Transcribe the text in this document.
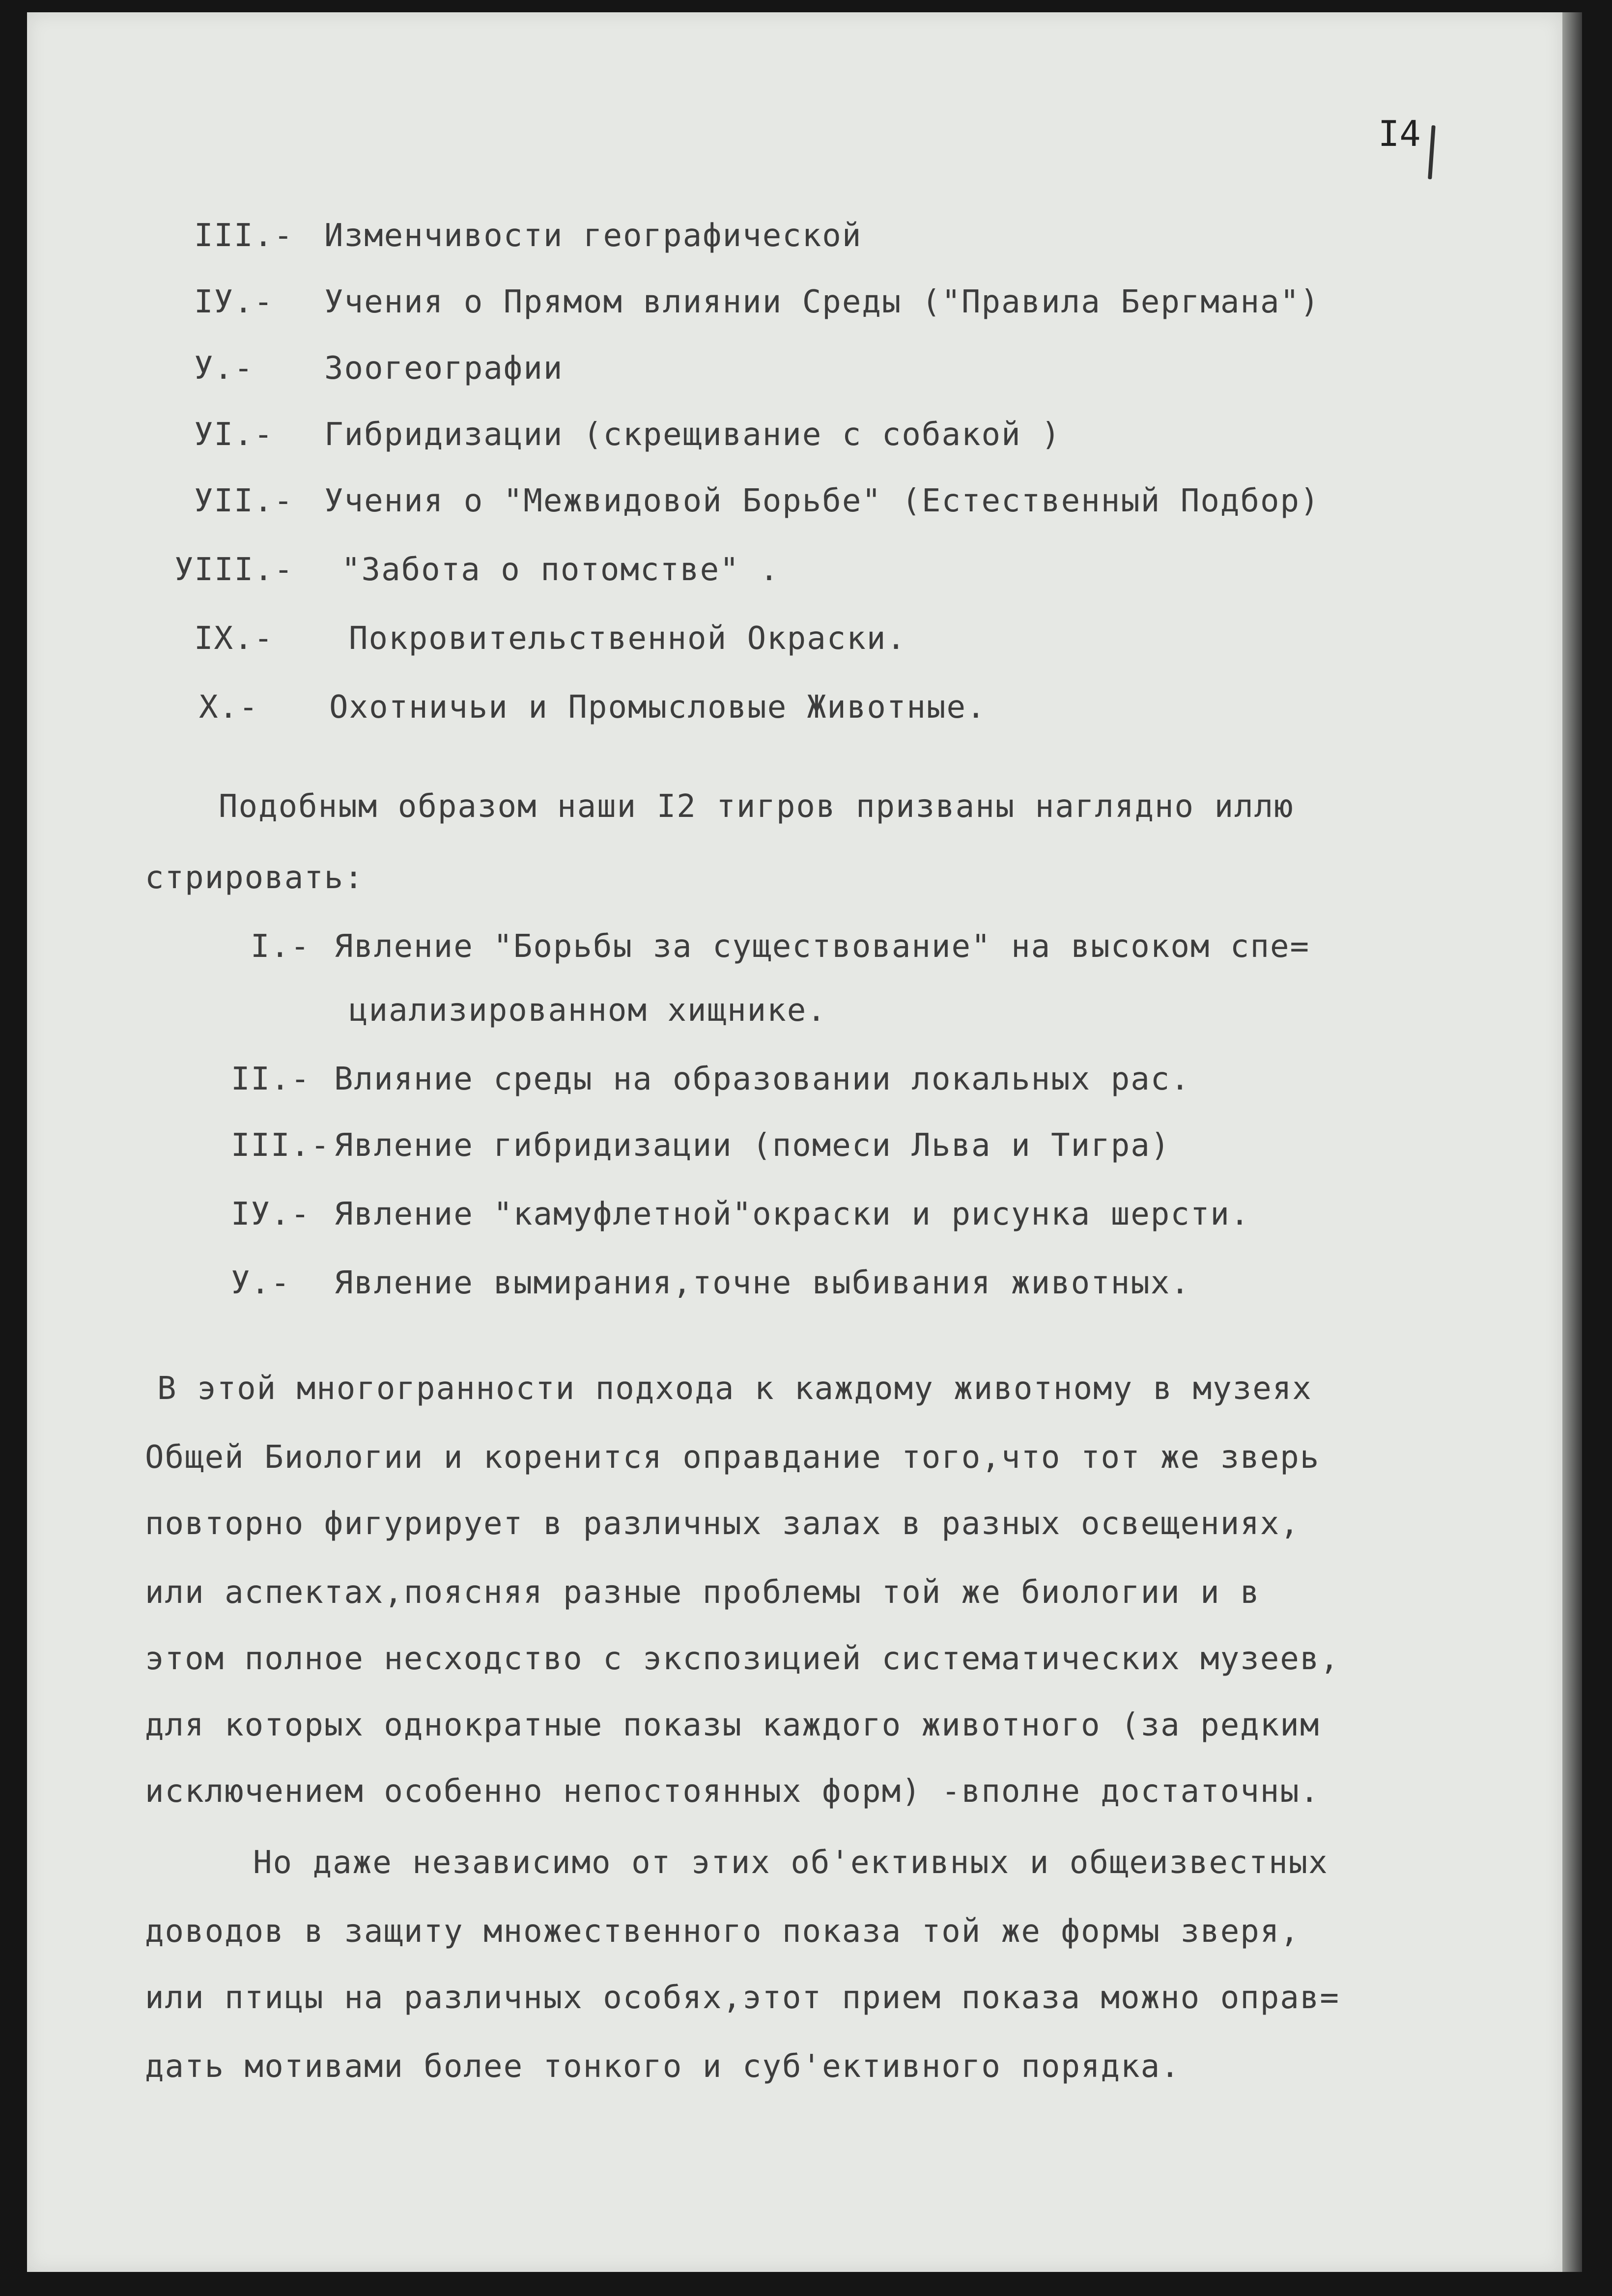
I4
III.- Изменчивости географической
IУ.- Учения о Прямом влиянии Среды ("Правила Бергмана")
У.- Зоогеографии
УI.- Гибридизации (скрещивание с собакой )
УII.- Учения о "Межвидовой Борьбе" (Естественный Подбор)
УIII.- "Забота о потомстве" .
IХ.- Покровительственной Окраски.
Х.- Охотничьи и Промысловые Животные.
Подобным образом наши I2 тигров призваны наглядно иллю
стрировать:
I.- Явление "Борьбы за существование" на высоком спе=
циализированном хищнике.
II.- Влияние среды на образовании локальных рас.
III.- Явление гибридизации (помеси Льва и Тигра)
IУ.- Явление "камуфлетной"окраски и рисунка шерсти.
У.- Явление вымирания,точне выбивания животных.
В этой многогранности подхода к каждому животному в музеях
Общей Биологии и коренится оправдание того,что тот же зверь
повторно фигурирует в различных залах в разных освещениях,
или аспектах,поясняя разные проблемы той же биологии и в
этом полное несходство с экспозицией систематических музеев,
для которых однократные показы каждого животного (за редким
исключением особенно непостоянных форм) -вполне достаточны.
Но даже независимо от этих об'ективных и общеизвестных
доводов в защиту множественного показа той же формы зверя,
или птицы на различных особях,этот прием показа можно оправ=
дать мотивами более тонкого и суб'ективного порядка.
